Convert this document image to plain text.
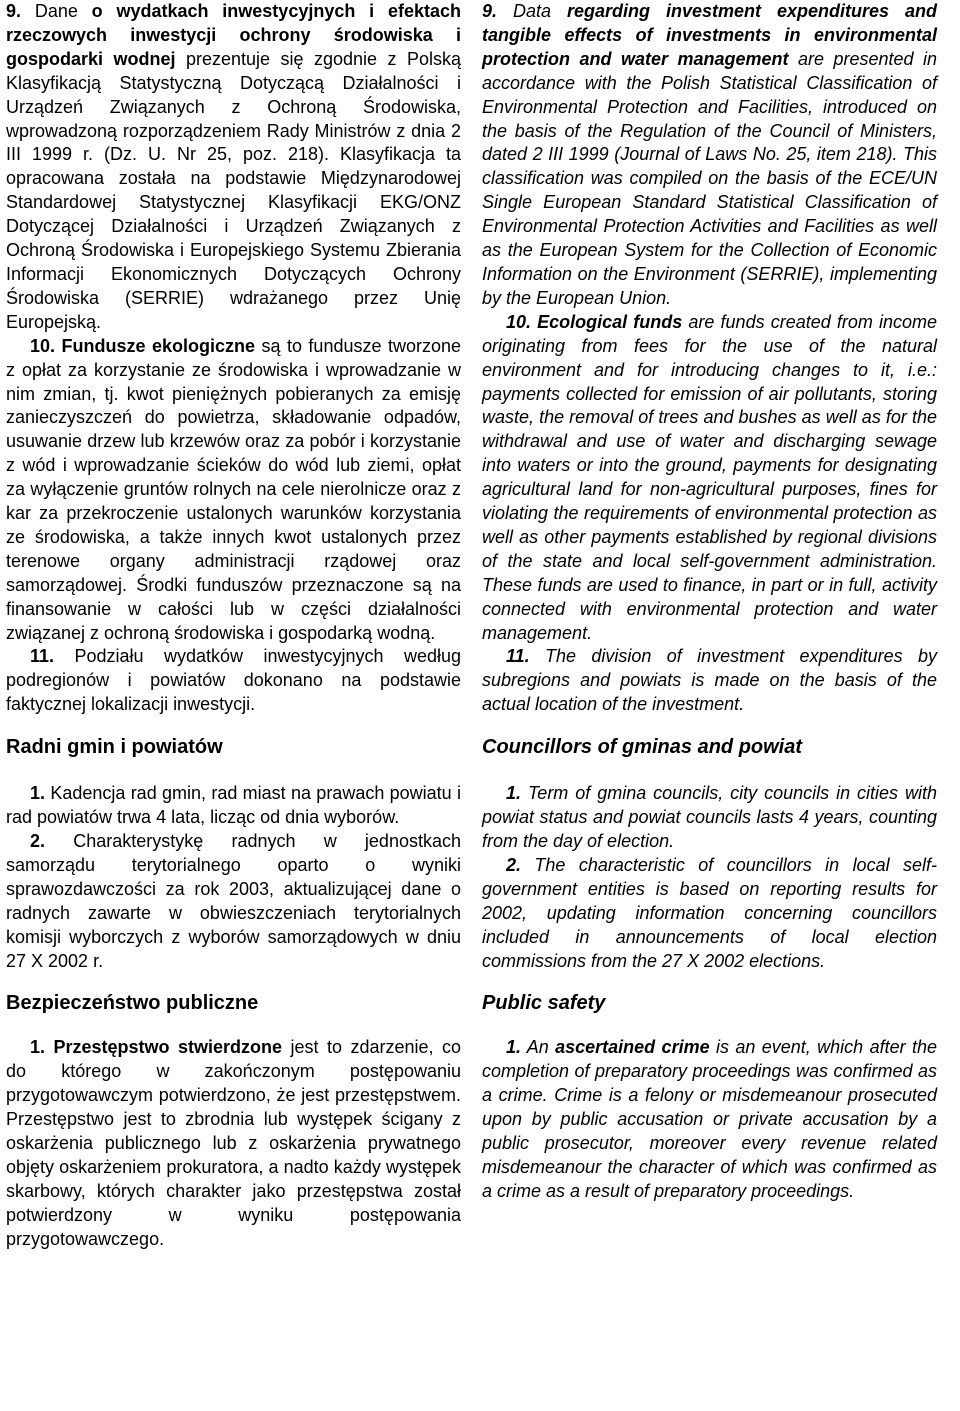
9. Dane o wydatkach inwestycyjnych i efektach rzeczowych inwestycji ochrony środowiska i gospodarki wodnej prezentuje się zgodnie z Polską Klasyfikacją Statystyczną Dotyczącą Działalności i Urządzeń Związanych z Ochroną Środowiska, wprowadzoną rozporządzeniem Rady Ministrów z dnia 2 III 1999 r. (Dz. U. Nr 25, poz. 218). Klasyfikacja ta opracowana została na podstawie Międzynarodowej Standardowej Statystycznej Klasyfikacji EKG/ONZ Dotyczącej Działalności i Urządzeń Związanych z Ochroną Środowiska i Europejskiego Systemu Zbierania Informacji Ekonomicznych Dotyczących Ochrony Środowiska (SERRIE) wdrażanego przez Unię Europejską.

10. Fundusze ekologiczne są to fundusze tworzone z opłat za korzystanie ze środowiska i wprowadzanie w nim zmian, tj. kwot pieniężnych pobieranych za emisję zanieczyszczeń do powietrza, składowanie odpadów, usuwanie drzew lub krzewów oraz za pobór i korzystanie z wód i wprowadzanie ścieków do wód lub ziemi, opłat za wyłączenie gruntów rolnych na cele nierolnicze oraz z kar za przekroczenie ustalonych warunków korzystania ze środowiska, a także innych kwot ustalonych przez terenowe organy administracji rządowej oraz samorządowej. Środki funduszów przeznaczone są na finansowanie w całości lub w części działalności związanej z ochroną środowiska i gospodarką wodną.

11. Podziału wydatków inwestycyjnych według podregionów i powiatów dokonano na podstawie faktycznej lokalizacji inwestycji.

Radni gmin i powiatów

1. Kadencja rad gmin, rad miast na prawach powiatu i rad powiatów trwa 4 lata, licząc od dnia wyborów.

2. Charakterystykę radnych w jednostkach samorządu terytorialnego oparto o wyniki sprawozdawczości za rok 2003, aktualizującej dane o radnych zawarte w obwieszczeniach terytorialnych komisji wyborczych z wyborów samorządowych w dniu 27 X 2002 r.

Bezpieczeństwo publiczne

1. Przestępstwo stwierdzone jest to zdarzenie, co do którego w zakończonym postępowaniu przygotowawczym potwierdzono, że jest przestępstwem. Przestępstwo jest to zbrodnia lub występek ścigany z oskarżenia publicznego lub z oskarżenia prywatnego objęty oskarżeniem prokuratora, a nadto każdy występek skarbowy, których charakter jako przestępstwa został potwierdzony w wyniku postępowania przygotowawczego.

9. Data regarding investment expenditures and tangible effects of investments in environmental protection and water management are presented in accordance with the Polish Statistical Classification of Environmental Protection and Facilities, introduced on the basis of the Regulation of the Council of Ministers, dated 2 III 1999 (Journal of Laws No. 25, item 218). This classification was compiled on the basis of the ECE/UN Single European Standard Statistical Classification of Environmental Protection Activities and Facilities as well as the European System for the Collection of Economic Information on the Environment (SERRIE), implementing by the European Union.

10. Ecological funds are funds created from income originating from fees for the use of the natural environment and for introducing changes to it, i.e.: payments collected for emission of air pollutants, storing waste, the removal of trees and bushes as well as for the withdrawal and use of water and discharging sewage into waters or into the ground, payments for designating agricultural land for non-agricultural purposes, fines for violating the requirements of environmental protection as well as other payments established by regional divisions of the state and local self-government administration. These funds are used to finance, in part or in full, activity connected with environmental protection and water management.

11. The division of investment expenditures by subregions and powiats is made on the basis of the actual location of the investment.

Councillors of gminas and powiat

1. Term of gmina councils, city councils in cities with powiat status and powiat councils lasts 4 years, counting from the day of election.

2. The characteristic of councillors in local self-government entities is based on reporting results for 2002, updating information concerning councillors included in announcements of local election commissions from the 27 X 2002 elections.

Public safety

1. An ascertained crime is an event, which after the completion of preparatory proceedings was confirmed as a crime. Crime is a felony or misdemeanour prosecuted upon by public accusation or private accusation by a public prosecutor, moreover every revenue related misdemeanour the character of which was confirmed as a crime as a result of preparatory proceedings.
